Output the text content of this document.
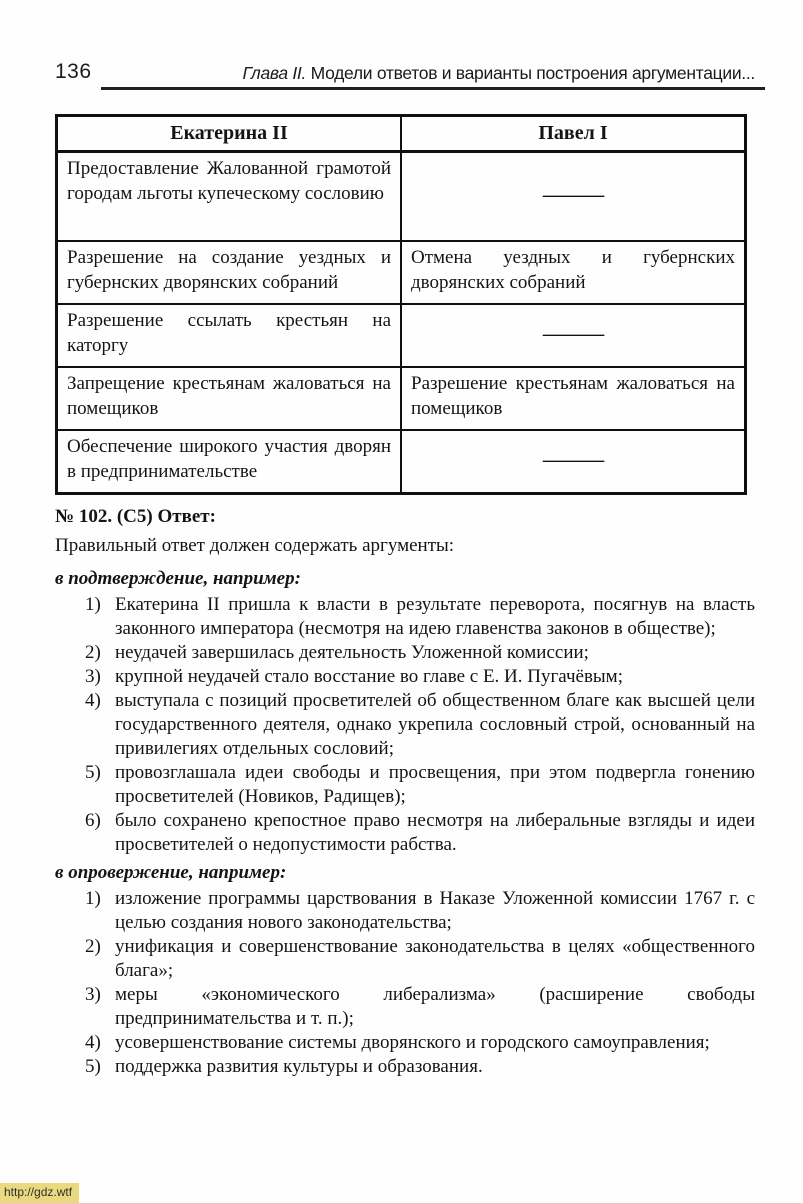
136	Глава II. Модели ответов и варианты построения аргументации...
Екатерина II	Павел I
Предоставление Жалованной грамотой городам льготы купеческому сословию	—
Разрешение на создание уездных и губернских дворянских собраний	Отмена уездных и губернских дворянских собраний
Разрешение ссылать крестьян на каторгу	—
Запрещение крестьянам жаловаться на помещиков	Разрешение крестьянам жаловаться на помещиков
Обеспечение широкого участия дворян в предпринимательстве	—

№ 102. (С5) Ответ:

Правильный ответ должен содержать аргументы:

в подтверждение, например:

1) Екатерина II пришла к власти в результате переворота, посягнув на власть законного императора (несмотря на идею главенства законов в обществе);
2) неудачей завершилась деятельность Уложенной комиссии;
3) крупной неудачей стало восстание во главе с Е. И. Пугачёвым;
4) выступала с позиций просветителей об общественном благе как высшей цели государственного деятеля, однако укрепила сословный строй, основанный на привилегиях отдельных сословий;
5) провозглашала идеи свободы и просвещения, при этом подвергла гонению просветителей (Новиков, Радищев);
6) было сохранено крепостное право несмотря на либеральные взгляды и идеи просветителей о недопустимости рабства.

в опровержение, например:

1) изложение программы царствования в Наказе Уложенной комиссии 1767 г. с целью создания нового законодательства;
2) унификация и совершенствование законодательства в целях «общественного блага»;
3) меры «экономического либерализма» (расширение свободы предпринимательства и т. п.);
4) усовершенствование системы дворянского и городского самоуправления;
5) поддержка развития культуры и образования.
http://gdz.wtf
